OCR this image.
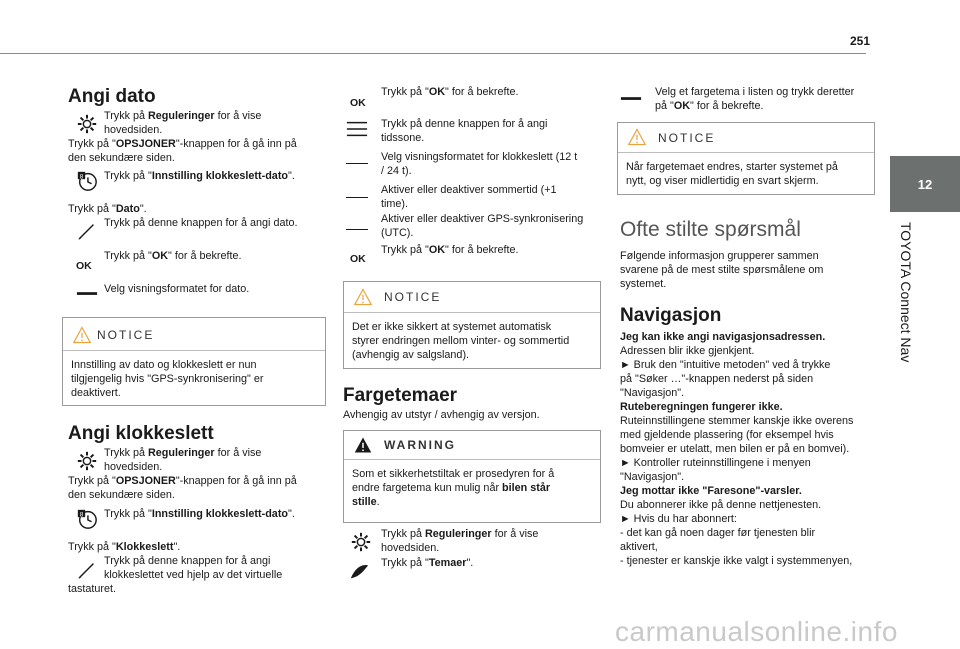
251
12
TOYOTA Connect Nav
Angi dato
Trykk på Reguleringer for å vise
hovedsiden.
Trykk på "OPSJONER"-knappen for å gå inn på
den sekundære siden.
8 Trykk på "Innstilling klokkeslett-dato".
Trykk på "Dato".
Trykk på denne knappen for å angi dato.
OK
Trykk på "OK" for å bekrefte.
Velg visningsformatet for dato.
NOTICE
Innstilling av dato og klokkeslett er nun
tilgjengelig hvis "GPS-synkronisering" er
deaktivert.
Angi klokkeslett
Trykk på Reguleringer for å vise
hovedsiden.
Trykk på "OPSJONER"-knappen for å gå inn på
den sekundære siden.
8 Trykk på "Innstilling klokkeslett-dato".
Trykk på "Klokkeslett".
Trykk på denne knappen for å angi
klokkeslettet ved hjelp av det virtuelle
tastaturet.
OK
Trykk på "OK" for å bekrefte.
Trykk på denne knappen for å angi
tidssone.
Velg visningsformatet for klokkeslett (12 t
/ 24 t).
Aktiver eller deaktiver sommertid (+1
time).
Aktiver eller deaktiver GPS-synkronisering
(UTC).
OK
Trykk på "OK" for å bekrefte.
NOTICE
Det er ikke sikkert at systemet automatisk
styrer endringen mellom vinter- og sommertid
(avhengig av salgsland).
Fargetemaer
Avhengig av utstyr / avhengig av versjon.
WARNING
Som et sikkerhetstiltak er prosedyren for å
endre fargetema kun mulig når bilen står
stille.
Trykk på Reguleringer for å vise
hovedsiden.
Trykk på "Temaer".
Velg et fargetema i listen og trykk deretter
på "OK" for å bekrefte.
NOTICE
Når fargetemaet endres, starter systemet på
nytt, og viser midlertidig en svart skjerm.
Ofte stilte spørsmål
Følgende informasjon grupperer sammen
svarene på de mest stilte spørsmålene om
systemet.
Navigasjon
Jeg kan ikke angi navigasjonsadressen.
Adressen blir ikke gjenkjent.
► Bruk den "intuitive metoden" ved å trykke
på "Søker …"-knappen nederst på siden
"Navigasjon".
Ruteberegningen fungerer ikke.
Ruteinnstillingene stemmer kanskje ikke overens
med gjeldende plassering (for eksempel hvis
bomveier er utelatt, men bilen er på en bomvei).
► Kontroller ruteinnstillingene i menyen
"Navigasjon".
Jeg mottar ikke "Faresone"-varsler.
Du abonnerer ikke på denne nettjenesten.
► Hvis du har abonnert:
- det kan gå noen dager før tjenesten blir
aktivert,
- tjenester er kanskje ikke valgt i systemmenyen,
carmanualsonline.info
